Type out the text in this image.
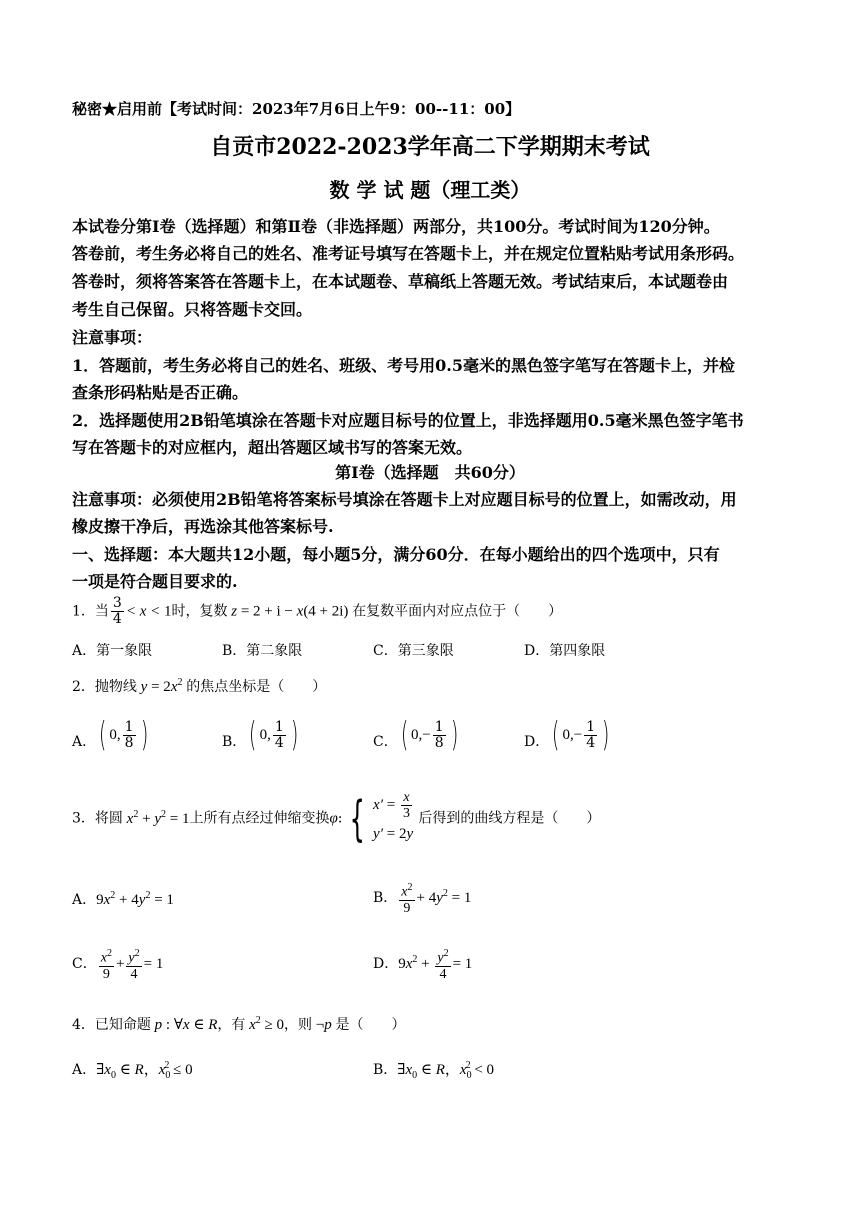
秘密★启用前【考试时间：2023年7月6日上午9：00--11：00】
自贡市2022-2023学年高二下学期期末考试
数 学 试 题（理工类）
本试卷分第Ⅰ卷（选择题）和第Ⅱ卷（非选择题）两部分，共100分。考试时间为120分钟。
答卷前，考生务必将自己的姓名、准考证号填写在答题卡上，并在规定位置粘贴考试用条形码。
答卷时，须将答案答在答题卡上，在本试题卷、草稿纸上答题无效。考试结束后，本试题卷由
考生自己保留。只将答题卡交回。
注意事项：
1．答题前，考生务必将自己的姓名、班级、考号用0.5毫米的黑色签字笔写在答题卡上，并检
查条形码粘贴是否正确。
2．选择题使用2B铅笔填涂在答题卡对应题目标号的位置上，非选择题用0.5毫米黑色签字笔书
写在答题卡的对应框内，超出答题区域书写的答案无效。
第Ⅰ卷（选择题　共60分）
注意事项：必须使用2B铅笔将答案标号填涂在答题卡上对应题目标号的位置上，如需改动，用
橡皮擦干净后，再选涂其他答案标号.
一、选择题：本大题共12小题，每小题5分，满分60分．在每小题给出的四个选项中，只有
一项是符合题目要求的.
1．当 $\frac{3}{4} < x < 1$时，复数 z = 2 + i − x(4 + 2i) 在复数平面内对应点位于（　　）
A．第一象限	B．第二象限	C．第三象限	D．第四象限
2．抛物线 $y = 2x^2$ 的焦点坐标是（　　）
A． ( 0, $\frac{1}{8}$ )	B． ( 0, $\frac{1}{4}$ )	C． ( $0,- \frac{1}{8}$ )	D． ( $0,- \frac{1}{4}$ )
3．将圆 $x^2 + y^2 = 1$上所有点经过伸缩变换φ: { $x' = \frac{x}{3}$
y′ = 2y
后得到的曲线方程是（　　）
A．$9x^2 + 4y^2 = 1$	B． $\frac{x^2}{9} + 4y^2 = 1$
C． $\frac{x^2}{9} + \frac{y^2}{4} = 1$	D．$9x^2 + \frac{y^2}{4} = 1$
4．已知命题 p : ∀x ∈ R，有 $x^2 \ge 0$，则 ¬p 是（　　）
A．$\exists x_0$ ∈ R，$x_0^2 \le 0$	B．$\exists x_0$ ∈ R，$x_0^2 < 0$
